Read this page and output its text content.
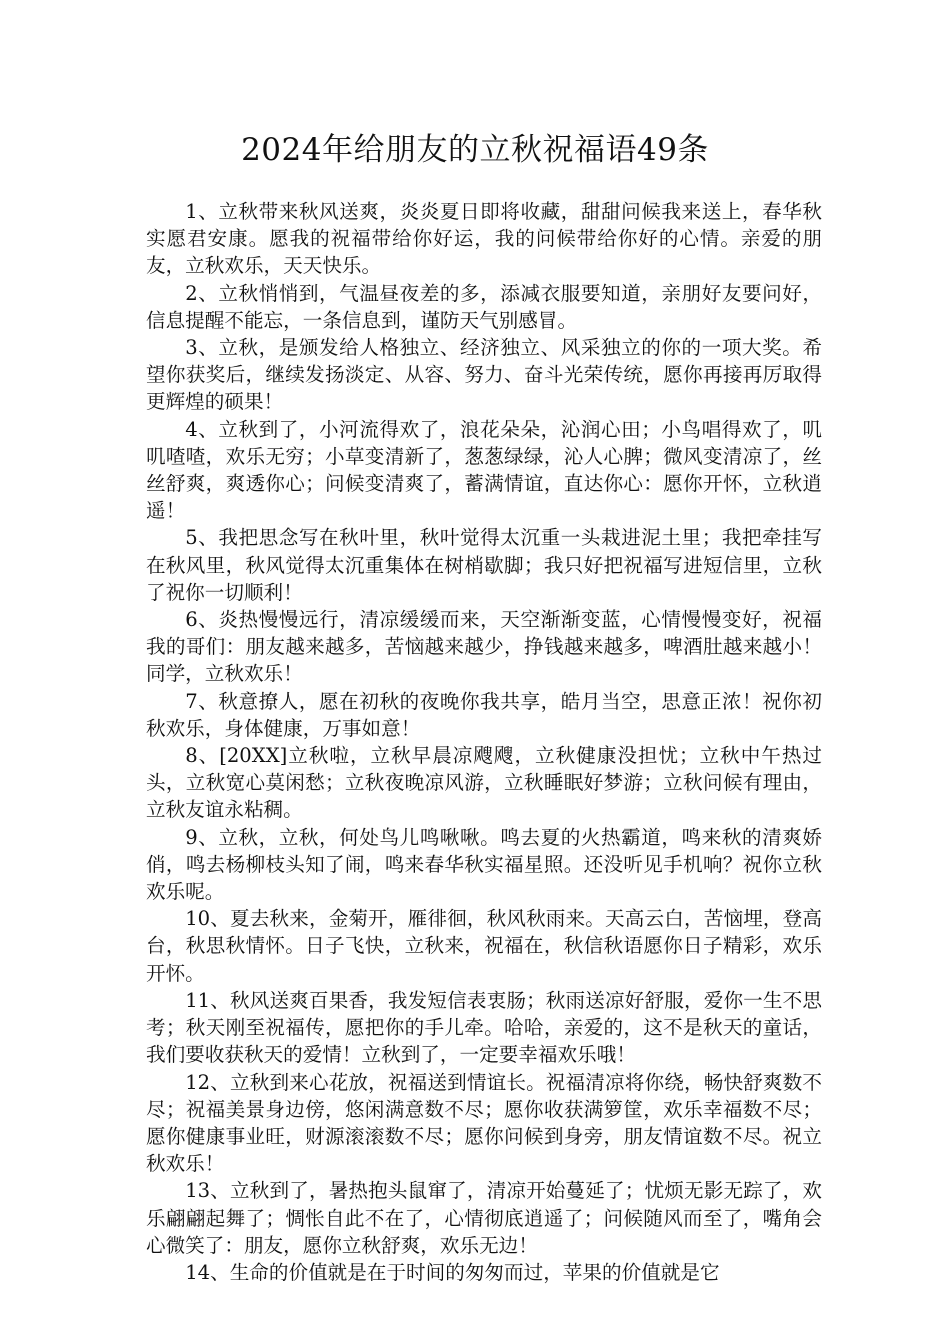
2024年给朋友的立秋祝福语49条

1、立秋带来秋风送爽，炎炎夏日即将收藏，甜甜问候我来送上，春华秋实愿君安康。愿我的祝福带给你好运，我的问候带给你好的心情。亲爱的朋友，立秋欢乐，天天快乐。

2、立秋悄悄到，气温昼夜差的多，添减衣服要知道，亲朋好友要问好，信息提醒不能忘，一条信息到，谨防天气别感冒。

3、立秋，是颁发给人格独立、经济独立、风采独立的你的一项大奖。希望你获奖后，继续发扬淡定、从容、努力、奋斗光荣传统，愿你再接再厉取得更辉煌的硕果！

4、立秋到了，小河流得欢了，浪花朵朵，沁润心田；小鸟唱得欢了，叽叽喳喳，欢乐无穷；小草变清新了，葱葱绿绿，沁人心脾；微风变清凉了，丝丝舒爽，爽透你心；问候变清爽了，蓄满情谊，直达你心：愿你开怀，立秋逍遥！

5、我把思念写在秋叶里，秋叶觉得太沉重一头栽进泥土里；我把牵挂写在秋风里，秋风觉得太沉重集体在树梢歇脚；我只好把祝福写进短信里，立秋了祝你一切顺利！

6、炎热慢慢远行，清凉缓缓而来，天空渐渐变蓝，心情慢慢变好，祝福我的哥们：朋友越来越多，苦恼越来越少，挣钱越来越多，啤酒肚越来越小！同学，立秋欢乐！

7、秋意撩人，愿在初秋的夜晚你我共享，皓月当空，思意正浓！祝你初秋欢乐，身体健康，万事如意！

8、[20XX]立秋啦，立秋早晨凉飕飕，立秋健康没担忧；立秋中午热过头，立秋宽心莫闲愁；立秋夜晚凉风游，立秋睡眠好梦游；立秋问候有理由，立秋友谊永粘稠。

9、立秋，立秋，何处鸟儿鸣啾啾。鸣去夏的火热霸道，鸣来秋的清爽娇俏，鸣去杨柳枝头知了闹，鸣来春华秋实福星照。还没听见手机响？祝你立秋欢乐呢。

10、夏去秋来，金菊开，雁徘徊，秋风秋雨来。天高云白，苦恼埋，登高台，秋思秋情怀。日子飞快，立秋来，祝福在，秋信秋语愿你日子精彩，欢乐开怀。

11、秋风送爽百果香，我发短信表衷肠；秋雨送凉好舒服，爱你一生不思考；秋天刚至祝福传，愿把你的手儿牵。哈哈，亲爱的，这不是秋天的童话，我们要收获秋天的爱情！立秋到了，一定要幸福欢乐哦！

12、立秋到来心花放，祝福送到情谊长。祝福清凉将你绕，畅快舒爽数不尽；祝福美景身边傍，悠闲满意数不尽；愿你收获满箩筐，欢乐幸福数不尽；愿你健康事业旺，财源滚滚数不尽；愿你问候到身旁，朋友情谊数不尽。祝立秋欢乐！

13、立秋到了，暑热抱头鼠窜了，清凉开始蔓延了；忧烦无影无踪了，欢乐翩翩起舞了；惆怅自此不在了，心情彻底逍遥了；问候随风而至了，嘴角会心微笑了：朋友，愿你立秋舒爽，欢乐无边！

14、生命的价值就是在于时间的匆匆而过，苹果的价值就是它
